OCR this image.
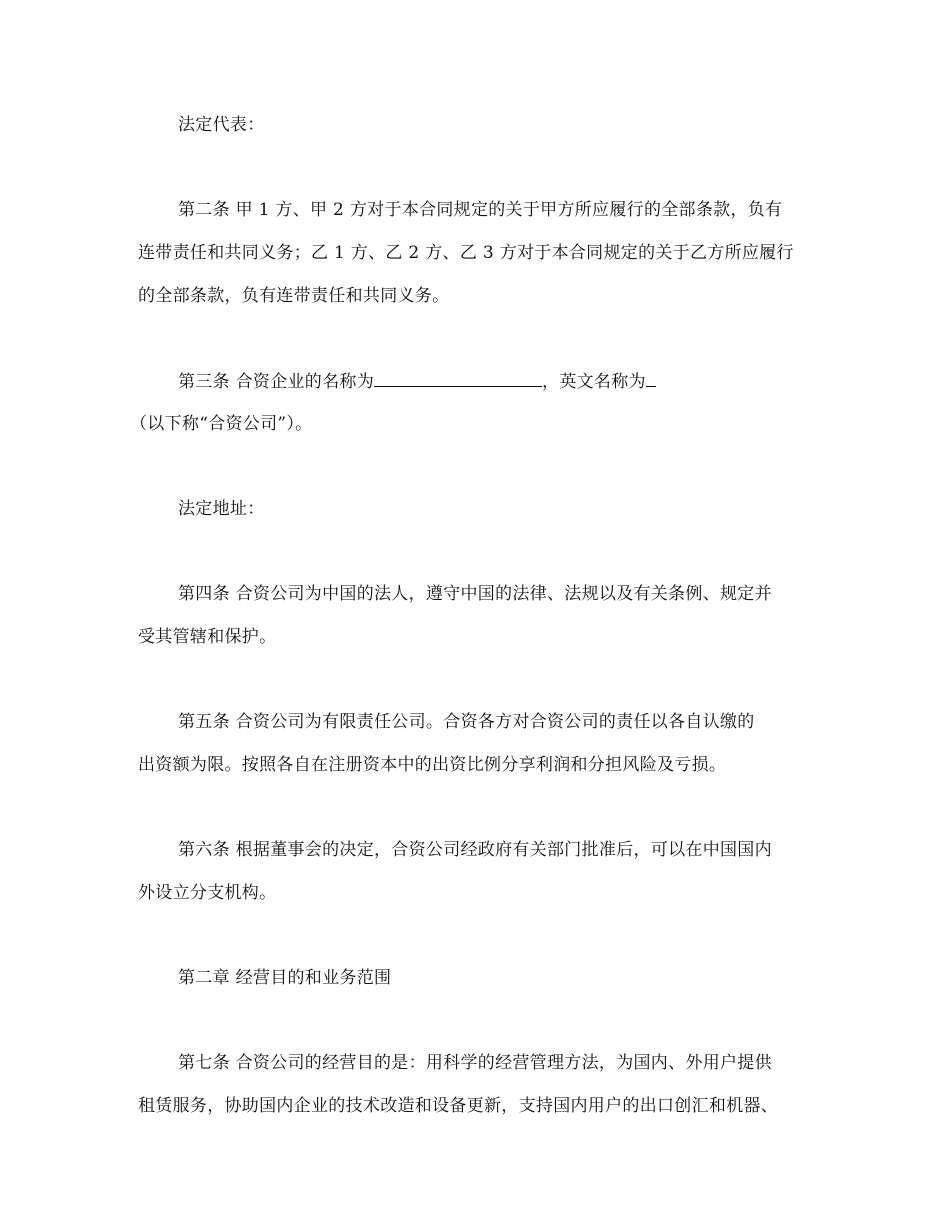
法定代表：
第二条 甲 1 方、甲 2 方对于本合同规定的关于甲方所应履行的全部条款，负有
连带责任和共同义务；乙 1 方、乙 2 方、乙 3 方对于本合同规定的关于乙方所应履行
的全部条款，负有连带责任和共同义务。
第三条 合资企业的名称为	，英文名称为
（以下称“合资公司”）。
法定地址：
第四条 合资公司为中国的法人，遵守中国的法律、法规以及有关条例、规定并
受其管辖和保护。
第五条 合资公司为有限责任公司。合资各方对合资公司的责任以各自认缴的
出资额为限。按照各自在注册资本中的出资比例分享利润和分担风险及亏损。
第六条 根据董事会的决定，合资公司经政府有关部门批准后，可以在中国国内
外设立分支机构。
第二章 经营目的和业务范围
第七条 合资公司的经营目的是：用科学的经营管理方法，为国内、外用户提供
租赁服务，协助国内企业的技术改造和设备更新，支持国内用户的出口创汇和机器、
